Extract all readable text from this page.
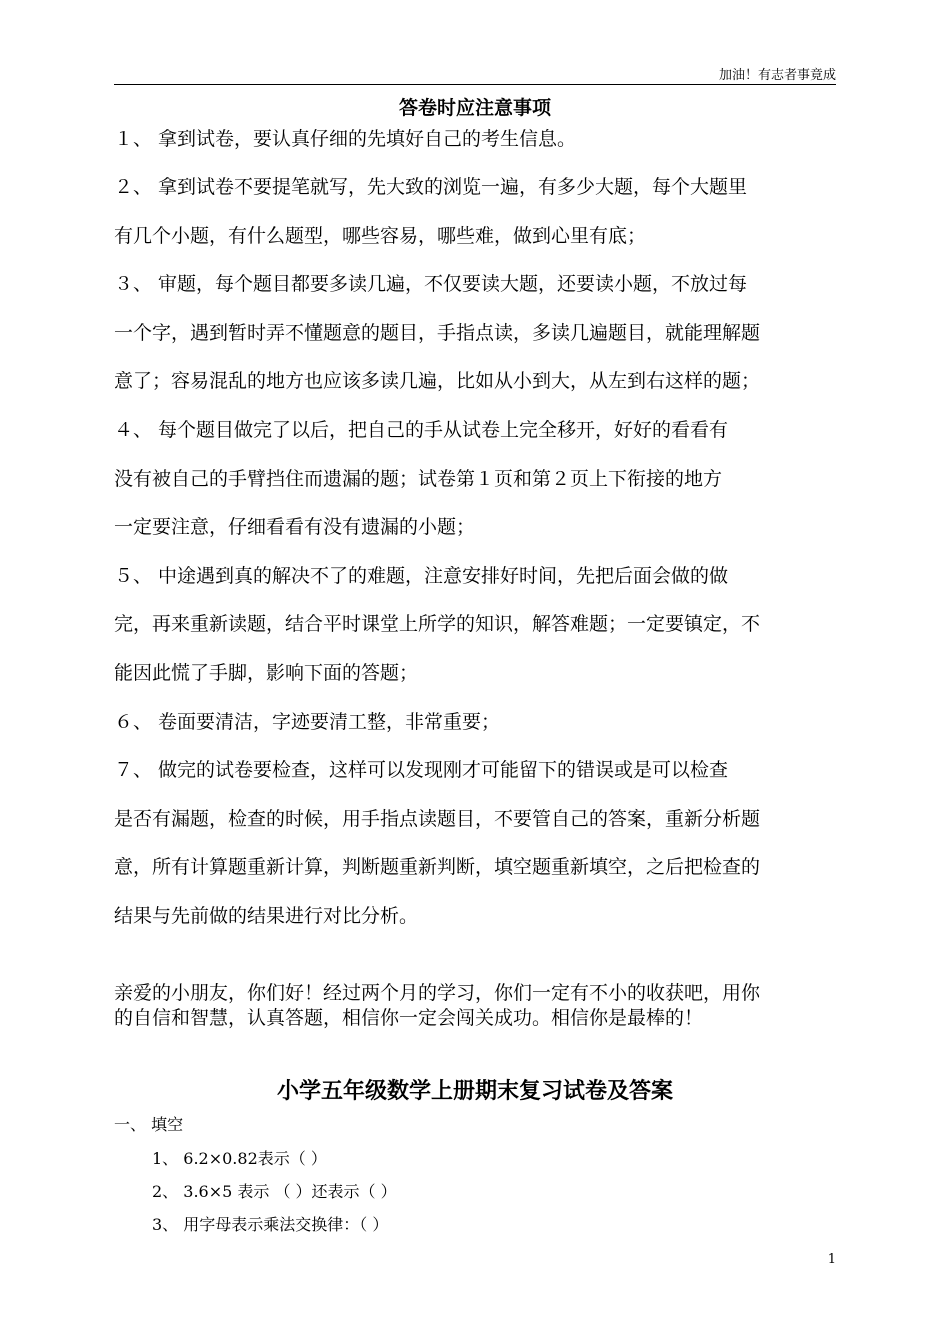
加油！有志者事竟成
答卷时应注意事项
１、 拿到试卷，要认真仔细的先填好自己的考生信息。
２、 拿到试卷不要提笔就写，先大致的浏览一遍，有多少大题，每个大题里
有几个小题，有什么题型，哪些容易，哪些难，做到心里有底；
３、 审题，每个题目都要多读几遍，不仅要读大题，还要读小题，不放过每
一个字，遇到暂时弄不懂题意的题目，手指点读，多读几遍题目，就能理解题
意了；容易混乱的地方也应该多读几遍，比如从小到大，从左到右这样的题；
４、 每个题目做完了以后，把自己的手从试卷上完全移开，好好的看看有
没有被自己的手臂挡住而遗漏的题；试卷第１页和第２页上下衔接的地方
一定要注意，仔细看看有没有遗漏的小题；
５、 中途遇到真的解决不了的难题，注意安排好时间，先把后面会做的做
完，再来重新读题，结合平时课堂上所学的知识，解答难题；一定要镇定，不
能因此慌了手脚，影响下面的答题；
６、 卷面要清洁，字迹要清工整，非常重要；
７、 做完的试卷要检查，这样可以发现刚才可能留下的错误或是可以检查
是否有漏题，检查的时候，用手指点读题目，不要管自己的答案，重新分析题
意，所有计算题重新计算，判断题重新判断，填空题重新填空，之后把检查的
结果与先前做的结果进行对比分析。
亲爱的小朋友，你们好！经过两个月的学习，你们一定有不小的收获吧，用你
的自信和智慧，认真答题，相信你一定会闯关成功。相信你是最棒的！
小学五年级数学上册期末复习试卷及答案
一、 填空
1、 6.2×0.82表示（ ）
2、 3.6×5 表示 （ ）还表示（ ）
3、 用字母表示乘法交换律：（ ）
1
